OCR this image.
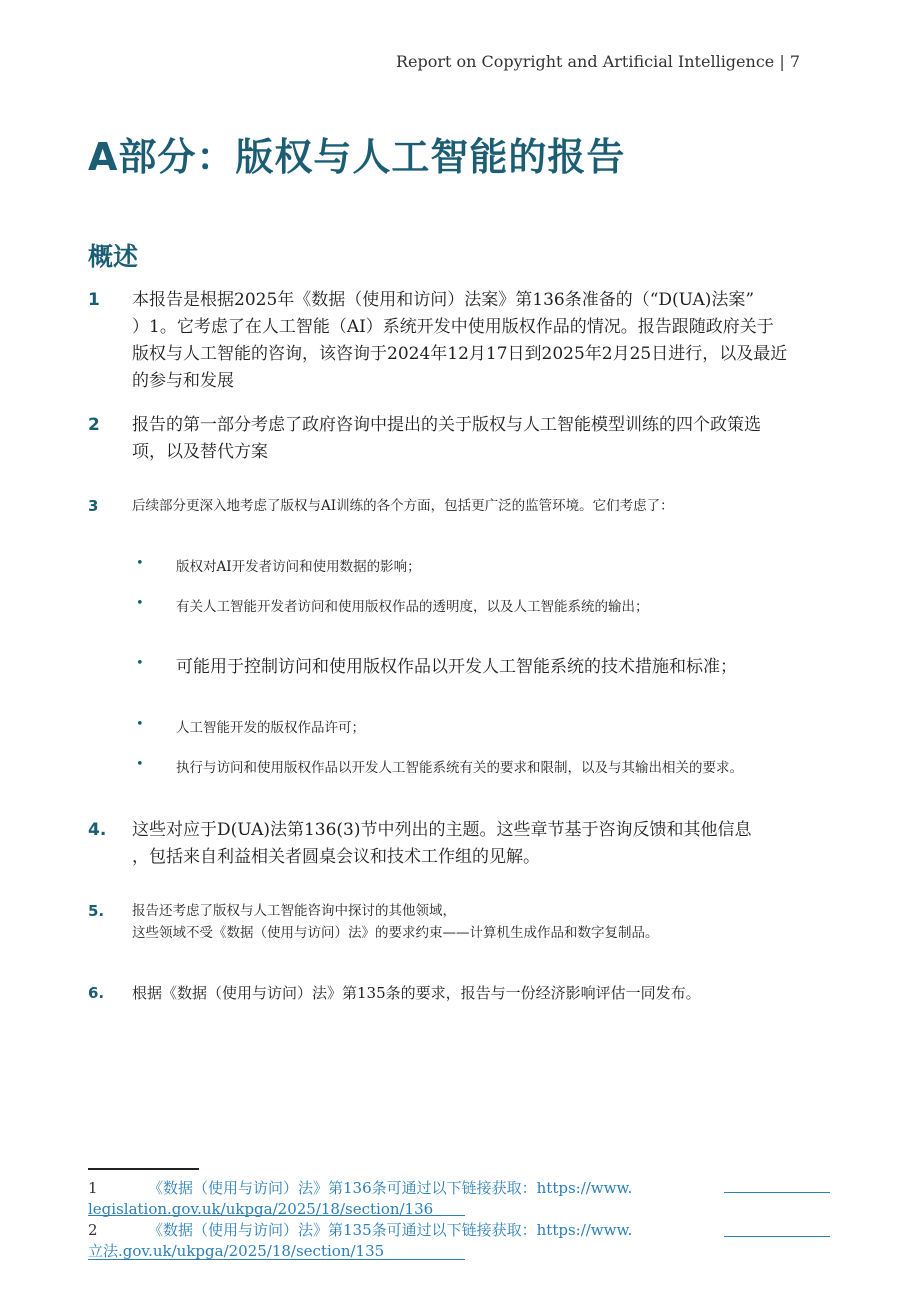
Report on Copyright and Artificial Intelligence | 7
A部分：版权与人工智能的报告
概述
1 本报告是根据2025年《数据（使用和访问）法案》第136条准备的（“D(UA)法案”

）1。它考虑了在人工智能（AI）系统开发中使用版权作品的情况。报告跟随政府关于

版权与人工智能的咨询，该咨询于2024年12月17日到2025年2月25日进行，以及最近

的参与和发展

2 报告的第一部分考虑了政府咨询中提出的关于版权与人工智能模型训练的四个政策选

项，以及替代方案

3 后续部分更深入地考虑了版权与AI训练的各个方面，包括更广泛的监管环境。它们考虑了：

• 版权对AI开发者访问和使用数据的影响；
• 有关人工智能开发者访问和使用版权作品的透明度，以及人工智能系统的输出；
• 可能用于控制访问和使用版权作品以开发人工智能系统的技术措施和标准；
• 人工智能开发的版权作品许可；
• 执行与访问和使用版权作品以开发人工智能系统有关的要求和限制，以及与其输出相关的要求。
4. 这些对应于D(UA)法第136(3)节中列出的主题。这些章节基于咨询反馈和其他信息

，包括来自利益相关者圆桌会议和技术工作组的见解。

5. 报告还考虑了版权与人工智能咨询中探讨的其他领域，

这些领域不受《数据（使用与访问）法》的要求约束——计算机生成作品和数字复制品。

6. 根据《数据（使用与访问）法》第135条的要求，报告与一份经济影响评估一同发布。

1	《数据（使用与访问）法》第136条可通过以下链接获取：https://www.
legislation.gov.uk/ukpga/2025/18/section/136
2	《数据（使用与访问）法》第135条可通过以下链接获取：https://www.
立法.gov.uk/ukpga/2025/18/section/135
